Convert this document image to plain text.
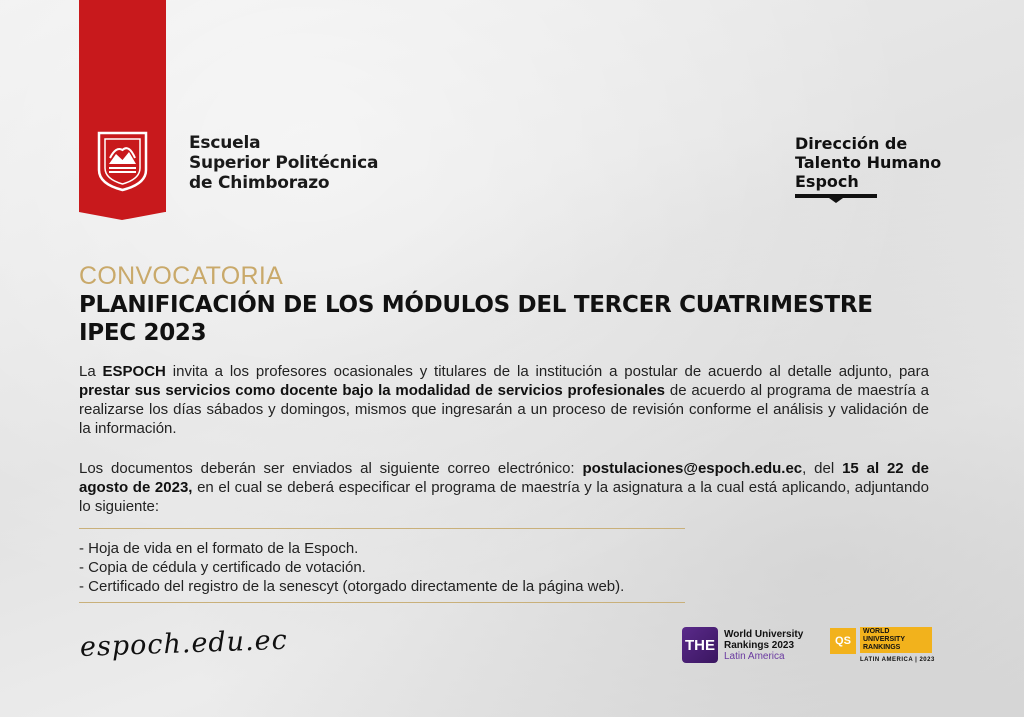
Escuela
Superior Politécnica
de Chimborazo
Dirección de
Talento Humano
Espoch
CONVOCATORIA
PLANIFICACIÓN DE LOS MÓDULOS DEL TERCER CUATRIMESTRE
IPEC 2023

La ESPOCH invita a los profesores ocasionales y titulares de la institución a postular de acuerdo al detalle adjunto, para prestar sus servicios como docente bajo la modalidad de servicios profesionales de acuerdo al programa de maestría a realizarse los días sábados y domingos, mismos que ingresarán a un proceso de revisión conforme el análisis y validación de la información.

Los documentos deberán ser enviados al siguiente correo electrónico: postulaciones@espoch.edu.ec, del 15 al 22 de agosto de 2023, en el cual se deberá especificar el programa de maestría y la asignatura a la cual está aplicando, adjuntando lo siguiente:

- Hoja de vida en el formato de la Espoch.
- Copia de cédula y certificado de votación.
- Certificado del registro de la senescyt (otorgado directamente de la página web).
espoch.edu.ec	THE
World University
Rankings 2023
Latin America
QS
WORLD
UNIVERSITY
RANKINGS
LATIN AMERICA | 2023
